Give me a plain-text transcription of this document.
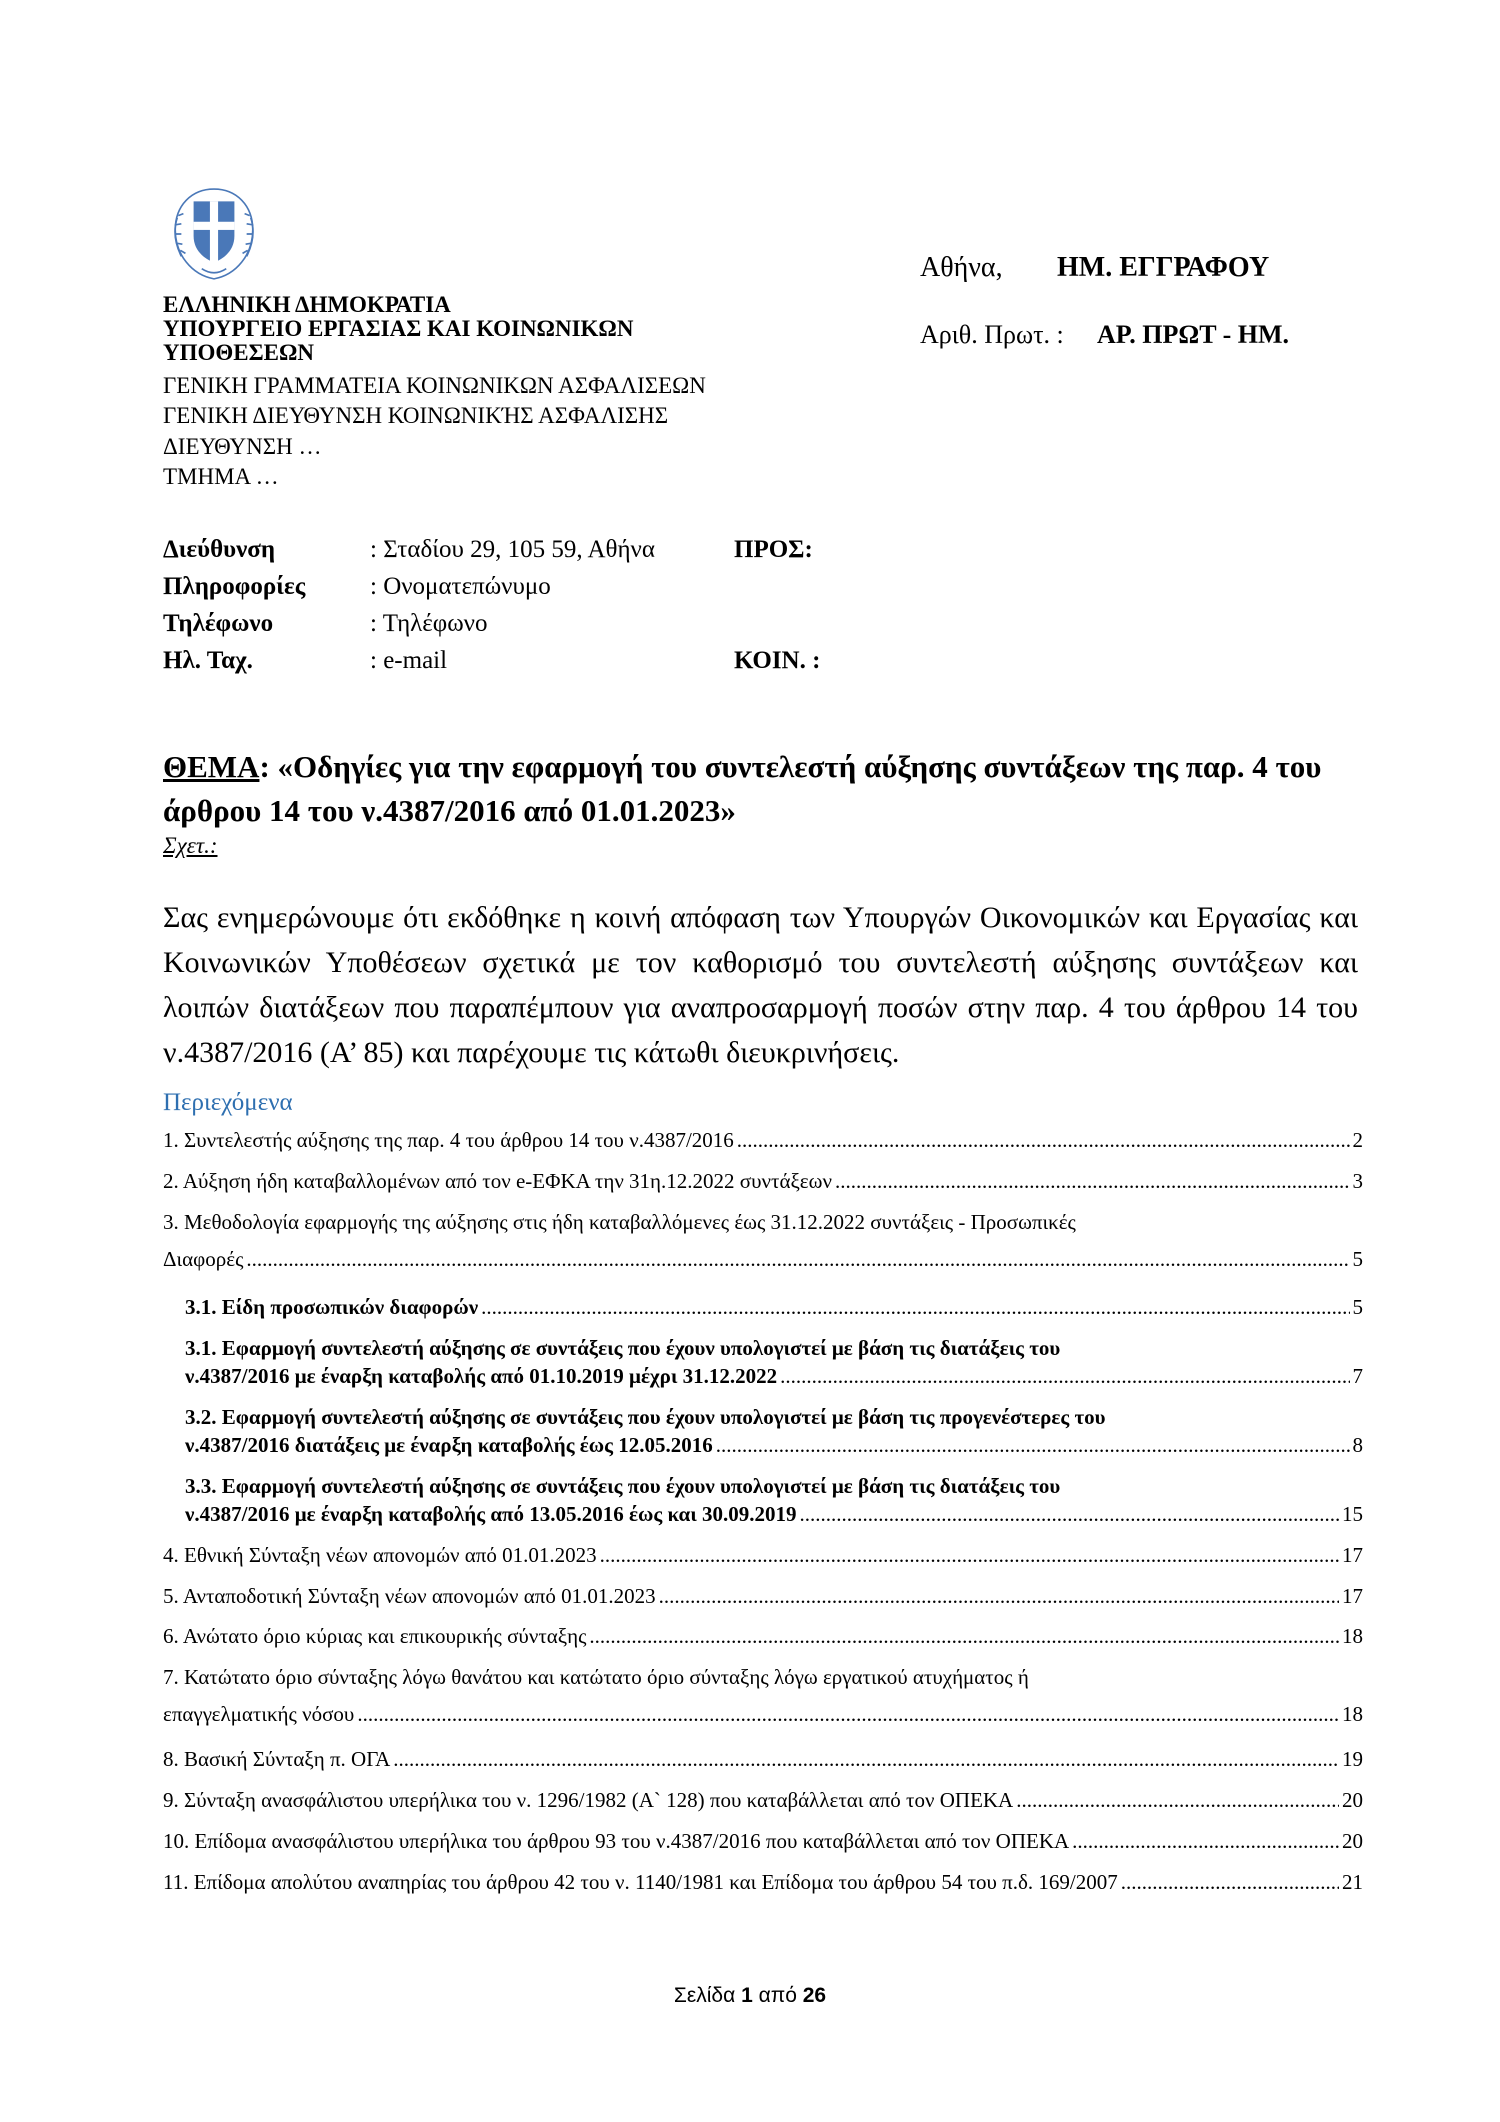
ΕΛΛΗΝΙΚΗ ΔΗΜΟΚΡΑΤΙΑ
ΥΠΟΥΡΓΕΙΟ ΕΡΓΑΣΙΑΣ ΚΑΙ ΚΟΙΝΩΝΙΚΩΝ
ΥΠΟΘΕΣΕΩΝ
ΓΕΝΙΚΗ ΓΡΑΜΜΑΤΕΙΑ ΚΟΙΝΩΝΙΚΩΝ ΑΣΦΑΛΙΣΕΩΝ
ΓΕΝΙΚΗ ΔΙΕΥΘΥΝΣΗ ΚΟΙΝΩΝΙΚΉΣ ΑΣΦΑΛΙΣΗΣ
ΔΙΕΥΘΥΝΣΗ …
ΤΜΗΜΑ …
Αθήνα, ΗΜ. ΕΓΓΡΑΦΟΥ
Αριθ. Πρωτ. : ΑΡ. ΠΡΩΤ - ΗΜ.
Διεύθυνση	: Σταδίου 29, 105 59, Αθήνα	ΠΡΟΣ:
Πληροφορίες	: Ονοματεπώνυμο
Τηλέφωνο	: Τηλέφωνο
Ηλ. Ταχ.	: e-mail	ΚΟΙΝ. :
ΘΕΜΑ: «Οδηγίες για την εφαρμογή του συντελεστή αύξησης συντάξεων της παρ. 4 του άρθρου 14 του ν.4387/2016 από 01.01.2023»
Σχετ.:
Σας ενημερώνουμε ότι εκδόθηκε η κοινή απόφαση των Υπουργών Οικονομικών και Εργασίας και Κοινωνικών Υποθέσεων σχετικά με τον καθορισμό του συντελεστή αύξησης συντάξεων και λοιπών διατάξεων που παραπέμπουν για αναπροσαρμογή ποσών στην παρ. 4 του άρθρου 14 του ν.4387/2016 (Α’ 85) και παρέχουμε τις κάτωθι διευκρινήσεις.
Περιεχόμενα
1. Συντελεστής αύξησης της παρ. 4 του άρθρου 14 του ν.4387/2016 .....	2
2. Αύξηση ήδη καταβαλλομένων από τον e-ΕΦΚΑ την 31η.12.2022 συντάξεων .....	3
3. Μεθοδολογία εφαρμογής της αύξησης στις ήδη καταβαλλόμενες έως 31.12.2022 συντάξεις - Προσωπικές
Διαφορές .....	5
3.1. Είδη προσωπικών διαφορών .....	5
3.1. Εφαρμογή συντελεστή αύξησης σε συντάξεις που έχουν υπολογιστεί με βάση τις διατάξεις του
ν.4387/2016 με έναρξη καταβολής από 01.10.2019 μέχρι 31.12.2022 .....	7
3.2. Εφαρμογή συντελεστή αύξησης σε συντάξεις που έχουν υπολογιστεί με βάση τις προγενέστερες του
ν.4387/2016 διατάξεις με έναρξη καταβολής έως 12.05.2016 .....	8
3.3. Εφαρμογή συντελεστή αύξησης σε συντάξεις που έχουν υπολογιστεί με βάση τις διατάξεις του
ν.4387/2016 με έναρξη καταβολής από 13.05.2016 έως και 30.09.2019 .....	15
4. Εθνική Σύνταξη νέων απονομών από 01.01.2023 .....	17
5. Ανταποδοτική Σύνταξη νέων απονομών από 01.01.2023 .....	17
6. Ανώτατο όριο κύριας και επικουρικής σύνταξης .....	18
7. Κατώτατο όριο σύνταξης λόγω θανάτου και κατώτατο όριο σύνταξης λόγω εργατικού ατυχήματος ή
επαγγελματικής νόσου .....	18
8. Βασική Σύνταξη π. ΟΓΑ .....	19
9. Σύνταξη ανασφάλιστου υπερήλικα του ν. 1296/1982 (Α` 128) που καταβάλλεται από τον ΟΠΕΚΑ .....	20
10. Επίδομα ανασφάλιστου υπερήλικα του άρθρου 93 του ν.4387/2016 που καταβάλλεται από τον ΟΠΕΚΑ .....	20
11. Επίδομα απολύτου αναπηρίας του άρθρου 42 του ν. 1140/1981 και Επίδομα του άρθρου 54 του π.δ. 169/2007 .....	21
Σελίδα 1 από 26
